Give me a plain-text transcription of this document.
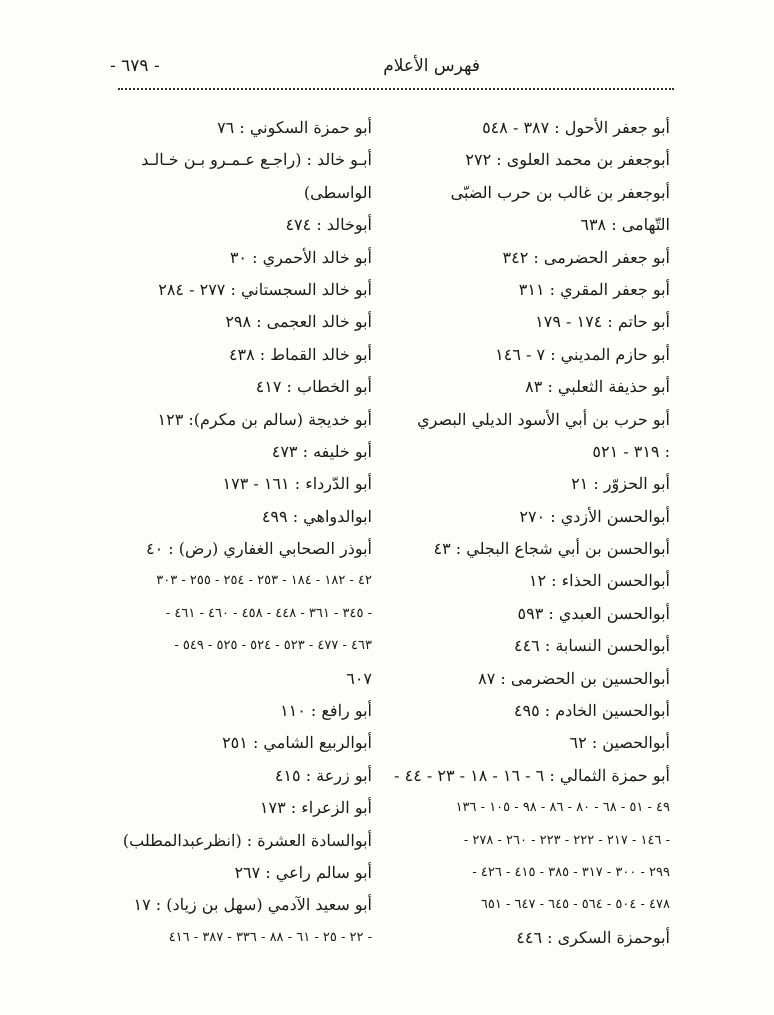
فهرس الأعلام
- ٦٧٩ -
أبو جعفر الأحول : ٣٨٧ - ٥٤٨
أبوجعفر بن محمد العلوى : ٢٧٢
أبوجعفر بن غالب بن حرب الضبّى
التّهامى : ٦٣٨
أبو جعفر الحضرمى : ٣٤٢
أبو جعفر المقري : ٣١١
أبو حاتم : ١٧٤ - ١٧٩
أبو حازم المديني : ٧ - ١٤٦
أبو حذيفة الثعلبي : ٨٣
أبو حرب بن أبي الأسود الديلي البصري
: ٣١٩ - ٥٢١
أبو الحزوّر : ٢١
أبوالحسن الأزدي : ٢٧٠
أبوالحسن بن أبي شجاع البجلي : ٤٣
أبوالحسن الحذاء : ١٢
أبوالحسن العبدي : ٥٩٣
أبوالحسن النسابة : ٤٤٦
أبوالحسين بن الحضرمى : ٨٧
أبوالحسين الخادم : ٤٩٥
أبوالحصين : ٦٢
أبو حمزة الثمالي : ٦ - ١٦ - ١٨ - ٢٣ - ٤٤ -
٤٩ - ٥١ - ٦٨ - ٨٠ - ٨٦ - ٩٨ - ١٠٥ - ١٣٦
- ١٤٦ - ٢١٧ - ٢٢٢ - ٢٢٣ - ٢٦٠ - ٢٧٨ -
٢٩٩ - ٣٠٠ - ٣١٧ - ٣٨٥ - ٤١٥ - ٤٢٦ -
٤٧٨ - ٥٠٤ - ٥٦٤ - ٦٤٥ - ٦٤٧ - ٦٥١
أبوحمزة السكرى : ٤٤٦
أبو حمزة السكوني : ٧٦
أبـو خالد : (راجـع عـمـرو بـن خـالـد
الواسطى)
أبوخالد : ٤٧٤
أبو خالد الأحمري : ٣٠
أبو خالد السجستاني : ٢٧٧ - ٢٨٤
أبو خالد العجمى : ٢٩٨
أبو خالد القماط : ٤٣٨
أبو الخطاب : ٤١٧
أبو خديجة (سالم بن مكرم): ١٢٣
أبو خليفه : ٤٧٣
أبو الدّرداء : ١٦١ - ١٧٣
ابوالدواهي : ٤٩٩
أبوذر الصحابي الغفاري (رض) : ٤٠
٤٢ - ١٨٢ - ١٨٤ - ٢٥٣ - ٢٥٤ - ٢٥٥ - ٣٠٣
- ٣٤٥ - ٣٦١ - ٤٤٨ - ٤٥٨ - ٤٦٠ - ٤٦١ -
٤٦٣ - ٤٧٧ - ٥٢٣ - ٥٢٤ - ٥٢٥ - ٥٤٩ -
٦٠٧
أبو رافع : ١١٠
أبوالربيع الشامي : ٢٥١
أبو زرعة : ٤١٥
أبو الزعراء : ١٧٣
أبوالسادة العشرة : (انظرعبدالمطلب)
أبو سالم راعي : ٢٦٧
أبو سعيد الآدمي (سهل بن زياد) : ١٧
- ٢٢ - ٢٥ - ٦١ - ٨٨ - ٣٣٦ - ٣٨٧ - ٤١٦
